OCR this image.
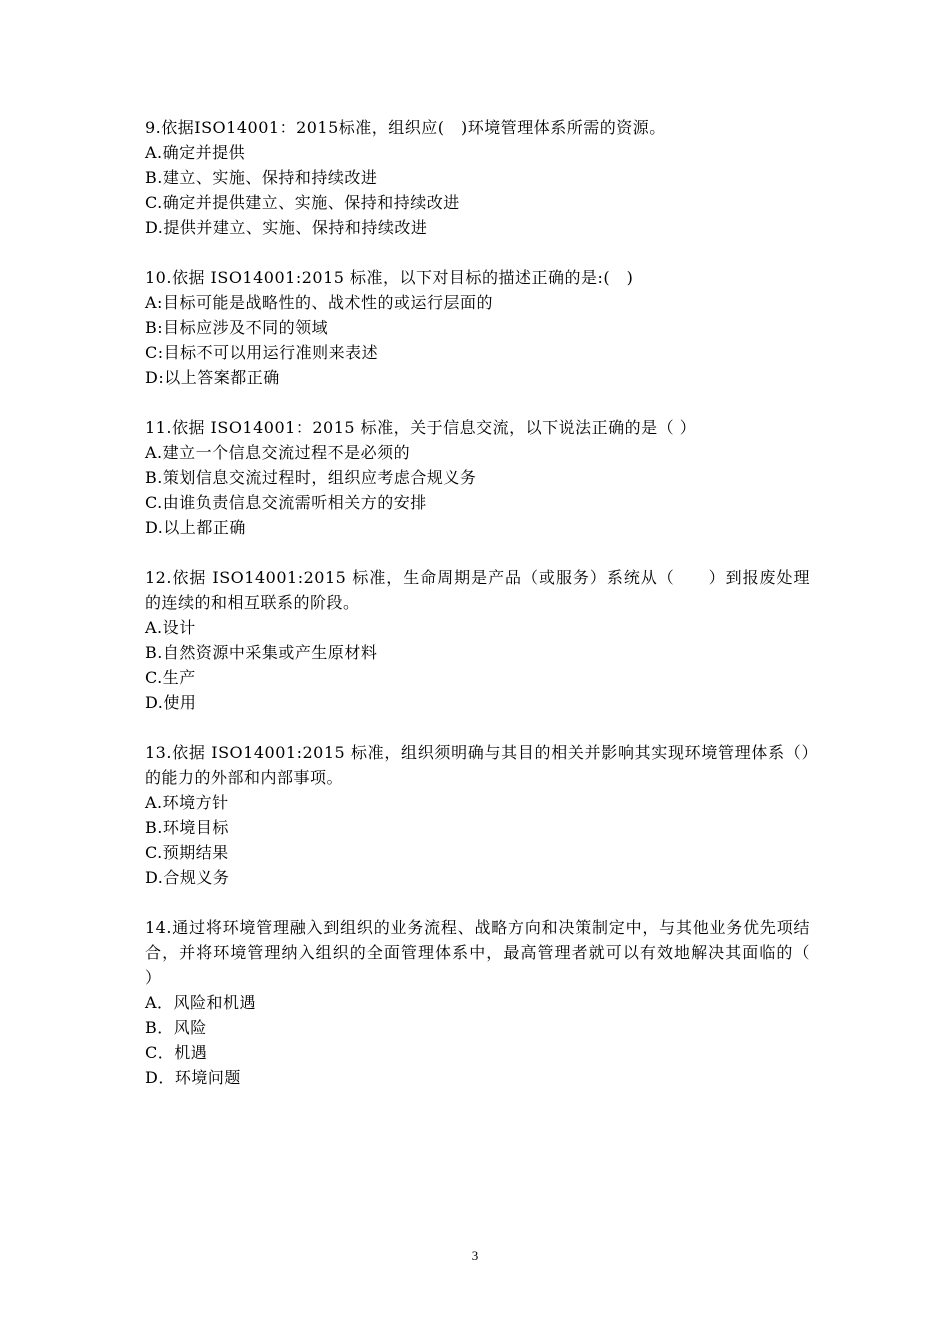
9.依据ISO14001：2015标准，组织应(　)环境管理体系所需的资源。

A.确定并提供

B.建立、实施、保持和持续改进

C.确定并提供建立、实施、保持和持续改进

D.提供并建立、实施、保持和持续改进

10.依据 ISO14001:2015 标准，以下对目标的描述正确的是:(　)

A:目标可能是战略性的、战术性的或运行层面的

B:目标应涉及不同的领域

C:目标不可以用运行准则来表述

D:以上答案都正确

11.依据 ISO14001：2015 标准，关于信息交流，以下说法正确的是（ ）

A.建立一个信息交流过程不是必须的

B.策划信息交流过程时，组织应考虑合规义务

C.由谁负责信息交流需听相关方的安排

D.以上都正确

12.依据 ISO14001:2015 标准，生命周期是产品（或服务）系统从（　　）到报废处理的连续的和相互联系的阶段。

A.设计

B.自然资源中采集或产生原材料

C.生产

D.使用

13.依据 ISO14001:2015 标准，组织须明确与其目的相关并影响其实现环境管理体系（）的能力的外部和内部事项。

A.环境方针

B.环境目标

C.预期结果

D.合规义务

14.通过将环境管理融入到组织的业务流程、战略方向和决策制定中，与其他业务优先项结合，并将环境管理纳入组织的全面管理体系中，最高管理者就可以有效地解决其面临的（　　　）

A．风险和机遇

B．风险

C．机遇

D．环境问题

3
